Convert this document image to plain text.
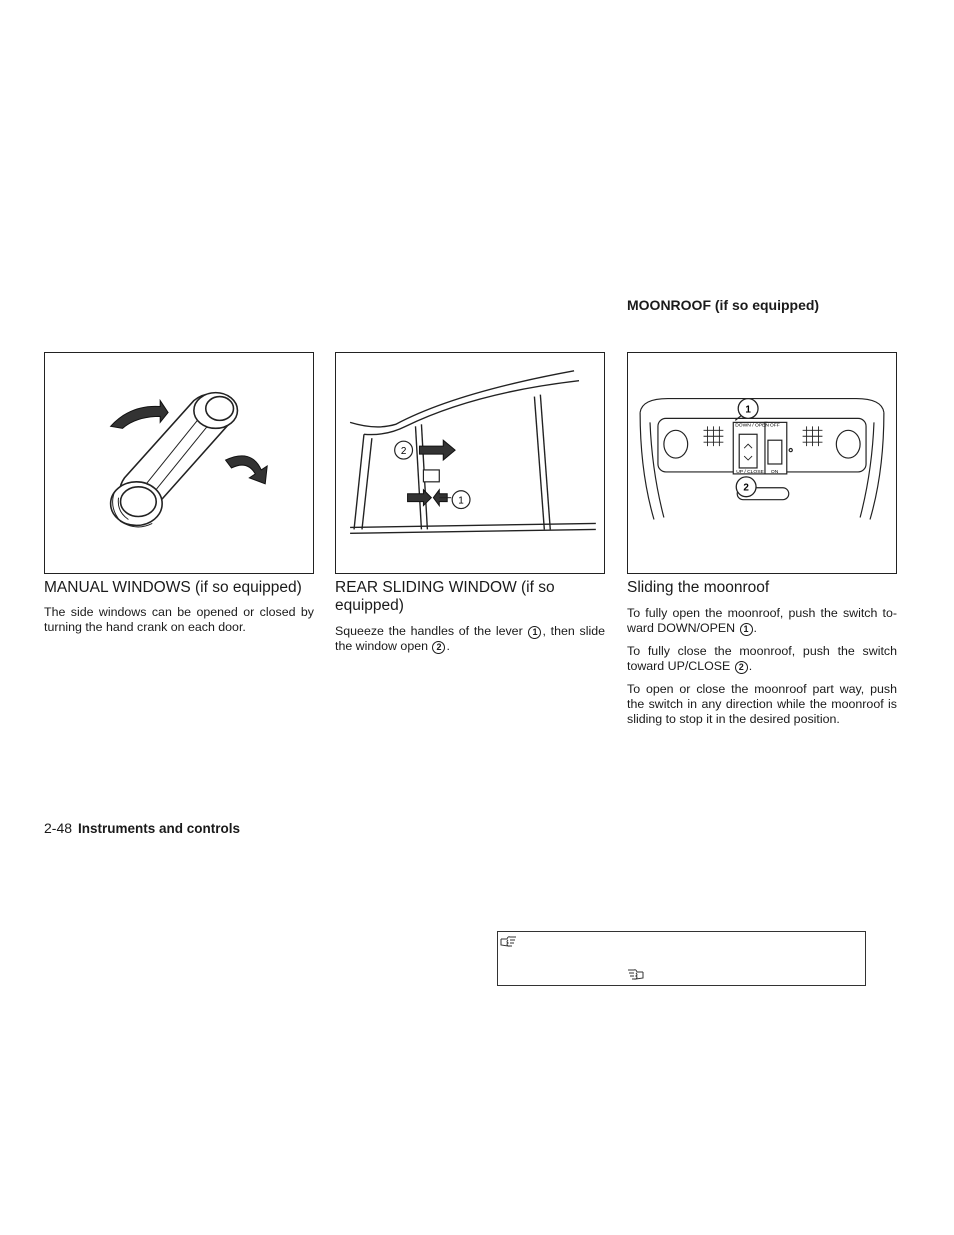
MOONROOF (if so equipped)
2
1
DOWN / OPEN
UP / CLOSE
OFF
ON
1
2
MANUAL WINDOWS (if so equipped)

The side windows can be opened or closed by turning the hand crank on each door.

REAR SLIDING WINDOW (if so equipped)

Squeeze the handles of the lever 1 , then slide the window open 2 .

Sliding the moonroof

To fully open the moonroof, push the switch to-ward DOWN/OPEN 1 .

To fully close the moonroof, push the switch toward UP/CLOSE 2 .

To open or close the moonroof part way, push the switch in any direction while the moonroof is sliding to stop it in the desired position.

2-48 Instruments and controls
